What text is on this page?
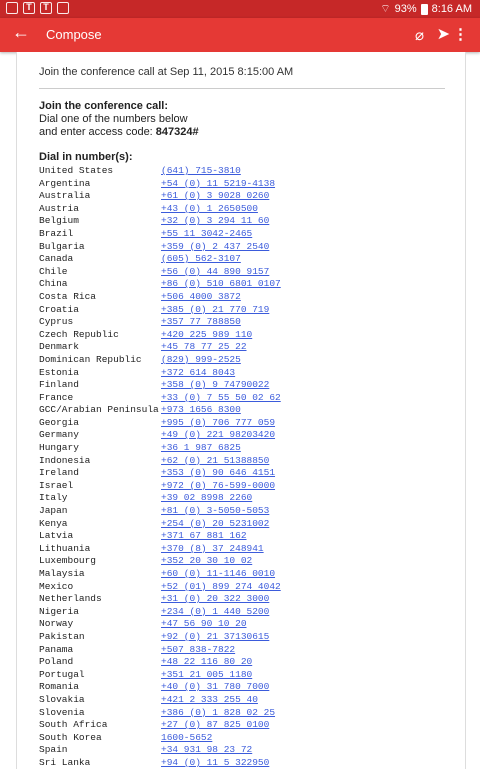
T	T	⌔ 93% 8:16 AM
← Compose	⌀ ➤ ⋮
Join the conference call at Sep 11, 2015 8:15:00 AM
Join the conference call:
Dial one of the numbers below
and enter access code: 847324#
Dial in number(s):
United States	(641) 715-3810
Argentina	+54 (0) 11 5219-4138
Australia	+61 (0) 3 9028 0260
Austria	+43 (0) 1 2650500
Belgium	+32 (0) 3 294 11 60
Brazil	+55 11 3042-2465
Bulgaria	+359 (0) 2 437 2540
Canada	(605) 562-3107
Chile	+56 (0) 44 890 9157
China	+86 (0) 510 6801 0107
Costa Rica	+506 4000 3872
Croatia	+385 (0) 21 770 719
Cyprus	+357 77 788850
Czech Republic	+420 225 989 110
Denmark	+45 78 77 25 22
Dominican Republic	(829) 999-2525
Estonia	+372 614 8043
Finland	+358 (0) 9 74790022
France	+33 (0) 7 55 50 02 62
GCC/Arabian Peninsula +973 1656 8300
Georgia	+995 (0) 706 777 059
Germany	+49 (0) 221 98203420
Hungary	+36 1 987 6825
Indonesia	+62 (0) 21 51388850
Ireland	+353 (0) 90 646 4151
Israel	+972 (0) 76-599-0000
Italy	+39 02 8998 2260
Japan	+81 (0) 3-5050-5053
Kenya	+254 (0) 20 5231002
Latvia	+371 67 881 162
Lithuania	+370 (8) 37 248941
Luxembourg	+352 20 30 10 02
Malaysia	+60 (0) 11-1146 0010
Mexico	+52 (01) 899 274 4042
Netherlands	+31 (0) 20 322 3000
Nigeria	+234 (0) 1 440 5200
Norway	+47 56 90 10 20
Pakistan	+92 (0) 21 37130615
Panama	+507 838-7822
Poland	+48 22 116 80 20
Portugal	+351 21 005 1180
Romania	+40 (0) 31 780 7000
Slovakia	+421 2 333 255 40
Slovenia	+386 (0) 1 828 02 25
South Africa	+27 (0) 87 825 0100
South Korea	1600-5652
Spain	+34 931 98 23 72
Sri Lanka	+94 (0) 11 5 322950
